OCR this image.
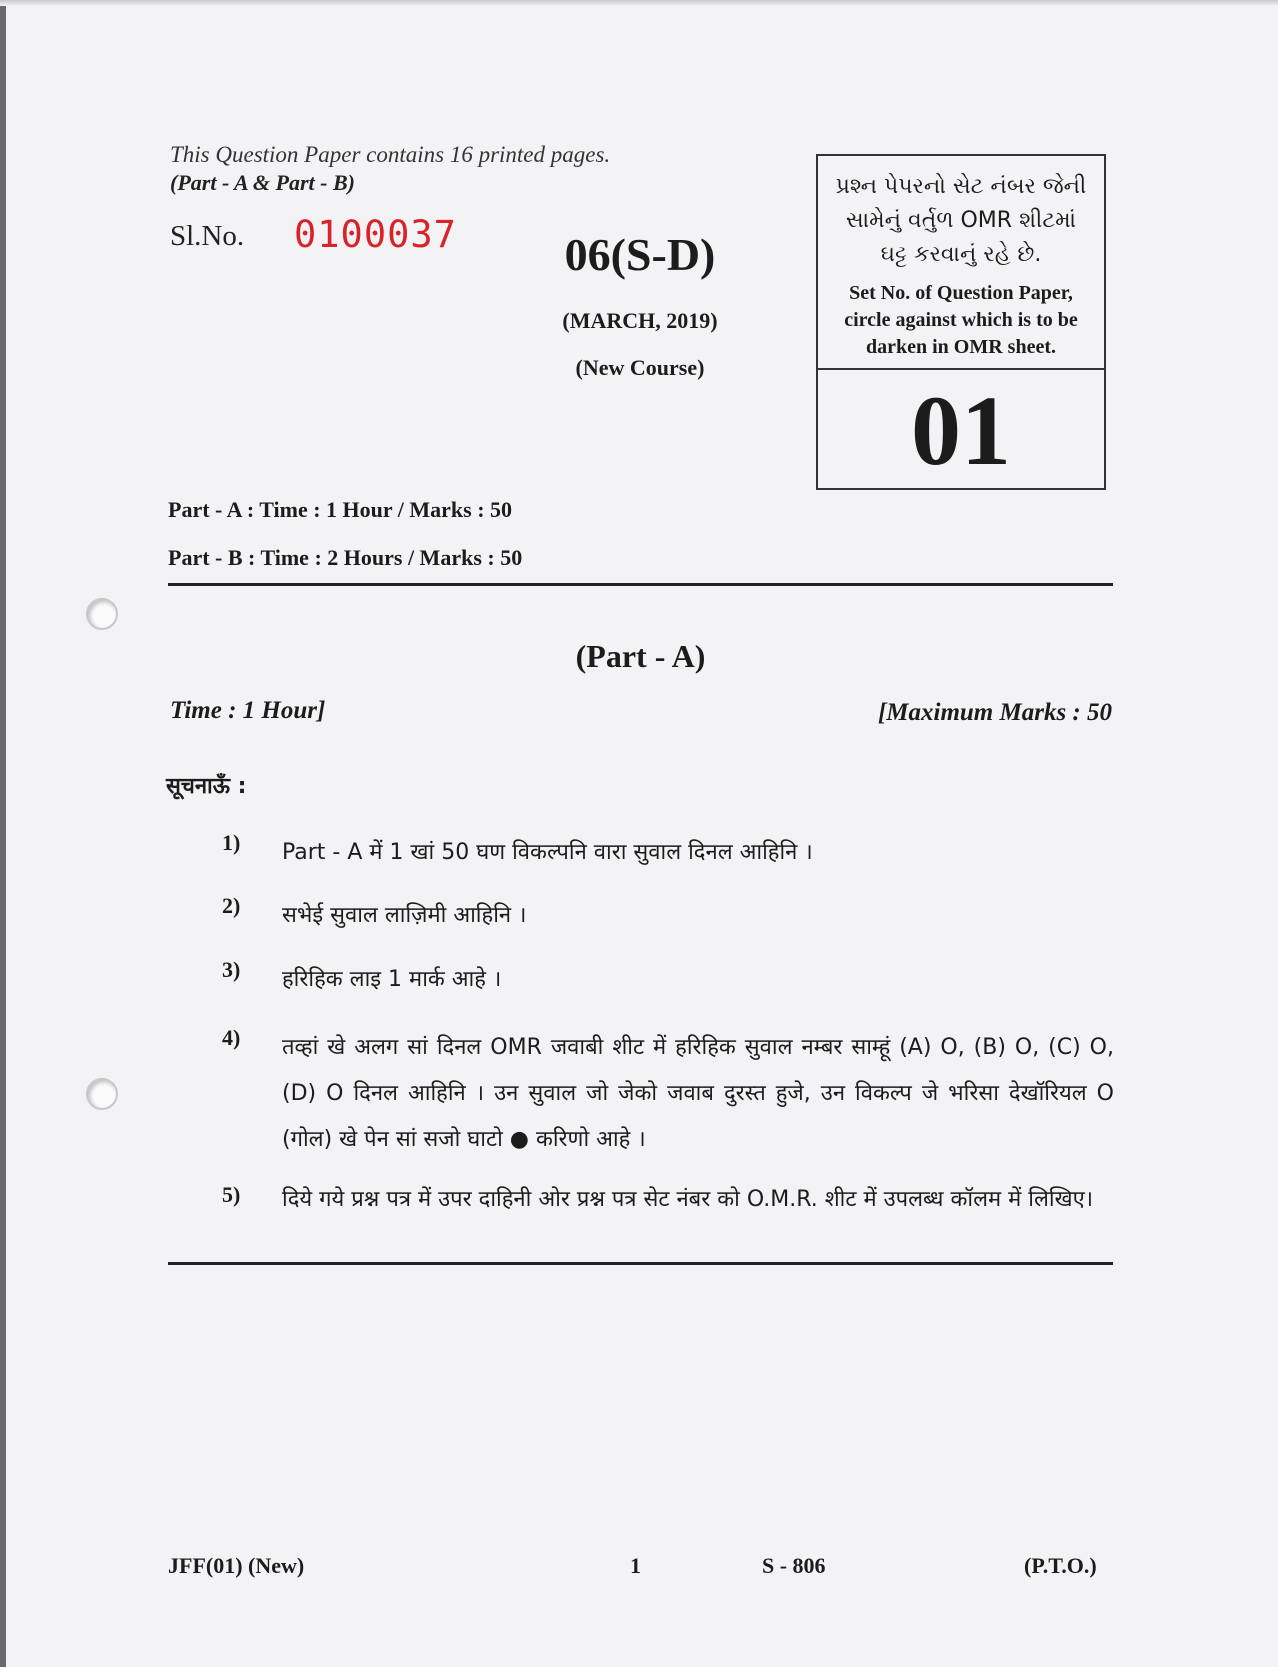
This Question Paper contains 16 printed pages.
(Part - A & Part - B)
Sl.No. 0100037	06(S-D)
(MARCH, 2019)
(New Course)
પ્રશ્ન પેપરનો સેટ નંબર જેની
સામેનું વર્તુળ OMR શીટમાં
ઘટ્ટ કરવાનું રહે છે.
Set No. of Question Paper,
circle against which is to be
darken in OMR sheet.
01
Part - A : Time : 1 Hour / Marks : 50
Part - B : Time : 2 Hours / Marks : 50
(Part - A)
Time : 1 Hour]	[Maximum Marks : 50
सूचनाऊँ :
1) Part - A में 1 खां 50 घण विकल्पनि वारा सुवाल दिनल आहिनि ।
2) सभेई सुवाल लाज़िमी आहिनि ।
3) हरिहिक लाइ 1 मार्क आहे ।
4) तव्हां खे अलग सां दिनल OMR जवाबी शीट में हरिहिक सुवाल नम्बर साम्हूं (A) O, (B) O, (C) O, (D) O दिनल आहिनि । उन सुवाल जो जेको जवाब दुरस्त हुजे, उन विकल्प जे भरिसा देखॉरियल O (गोल) खे पेन सां सजो घाटो ● करिणो आहे ।
5) दिये गये प्रश्न पत्र में उपर दाहिनी ओर प्रश्न पत्र सेट नंबर को O.M.R. शीट में उपलब्ध कॉलम में लिखिए।
JFF(01) (New)	1	S - 806	(P.T.O.)
